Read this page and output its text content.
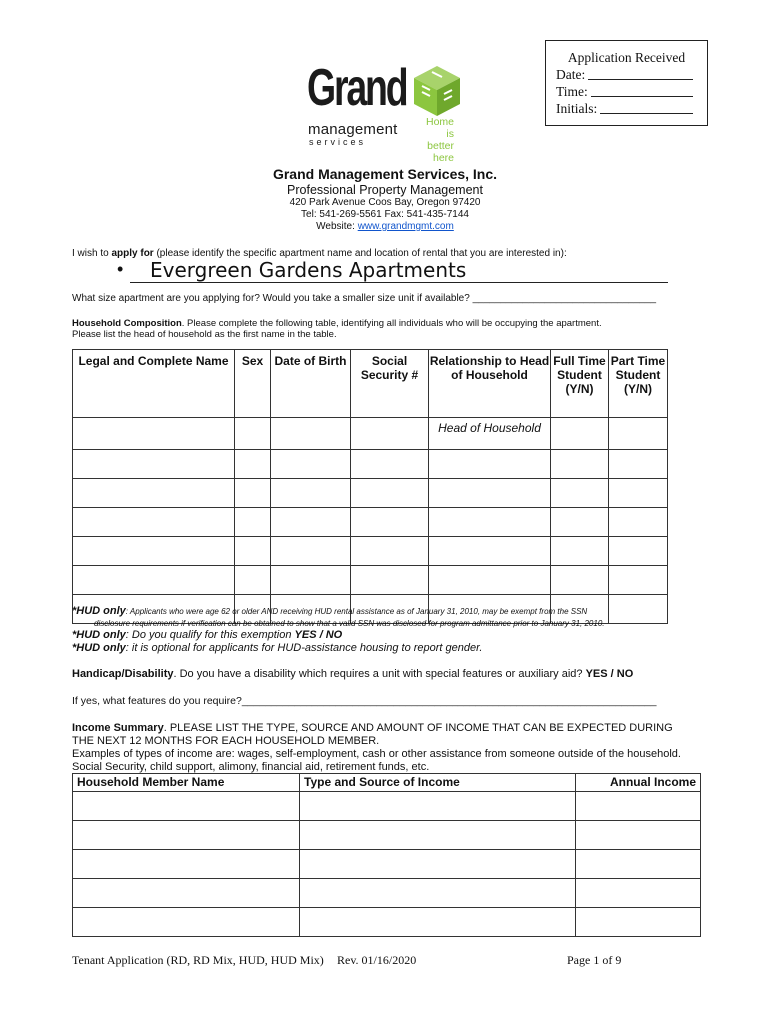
Application Received
Date:
Time:
Initials:
Grand
management
services
Home
is better
here
Grand Management Services, Inc.
Professional Property Management
420 Park Avenue Coos Bay, Oregon 97420
Tel: 541-269-5561 Fax: 541-435-7144
Website: www.grandmgmt.com
I wish to apply for (please identify the specific apartment name and location of rental that you are interested in):
•	Evergreen Gardens Apartments
What size apartment are you applying for? Would you take a smaller size unit if available? _________________________________
Household Composition. Please complete the following table, identifying all individuals who will be occupying the apartment.
Please list the head of household as the first name in the table.
Legal and Complete Name	Sex	Date of Birth	Social Security #	Relationship to Head of Household	Full Time Student (Y/N)	Part Time Student (Y/N)
				Head of Household		

*HUD only: Applicants who were age 62 or older AND receiving HUD rental assistance as of January 31, 2010, may be exempt from the SSN
disclosure requirements if verification can be obtained to show that a valid SSN was disclosed for program admittance prior to January 31, 2010.
*HUD only: Do you qualify for this exemption YES / NO
*HUD only: it is optional for applicants for HUD-assistance housing to report gender.
Handicap/Disability. Do you have a disability which requires a unit with special features or auxiliary aid? YES / NO
If yes, what features do you require?_______________________________________________________________________
Income Summary. PLEASE LIST THE TYPE, SOURCE AND AMOUNT OF INCOME THAT CAN BE EXPECTED DURING THE NEXT 12 MONTHS FOR EACH HOUSEHOLD MEMBER.
Examples of types of income are: wages, self-employment, cash or other assistance from someone outside of the household. Social Security, child support, alimony, financial aid, retirement funds, etc.
Household Member Name	Type and Source of Income	Annual Income

Tenant Application (RD, RD Mix, HUD, HUD Mix) Rev. 01/16/2020	Page 1 of 9
